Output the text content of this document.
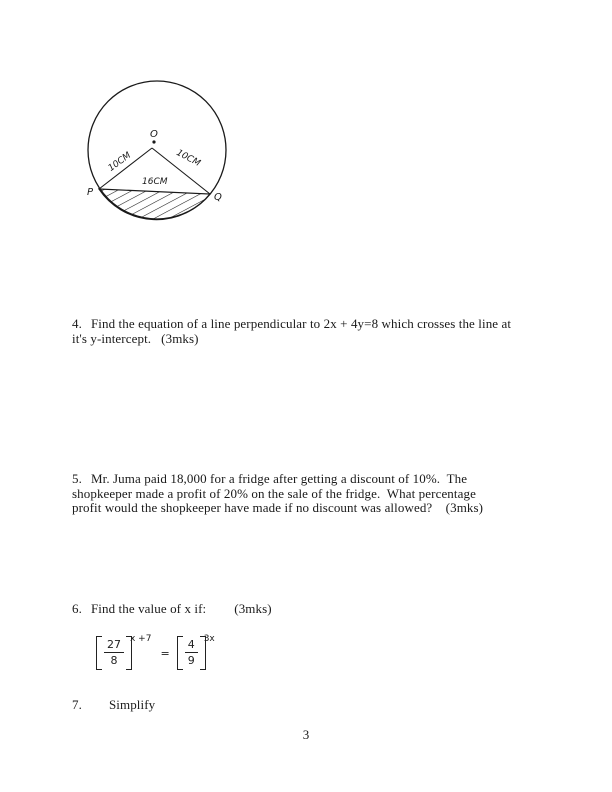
O
P	Q
10CM	10CM
16CM
4. Find the equation of a line perpendicular to 2x + 4y=8 which crosses the line at
it's y-intercept.   (3mks)
5. Mr. Juma paid 18,000 for a fridge after getting a discount of 10%.  The
shopkeeper made a profit of 20% on the sale of the fridge.  What percentage
profit would the shopkeeper have made if no discount was allowed?    (3mks)
6. Find the value of x if: (3mks)
$\frac{27}{8}$ x +7
= $\frac{4}{9} 3x$
7. Simplify
3
